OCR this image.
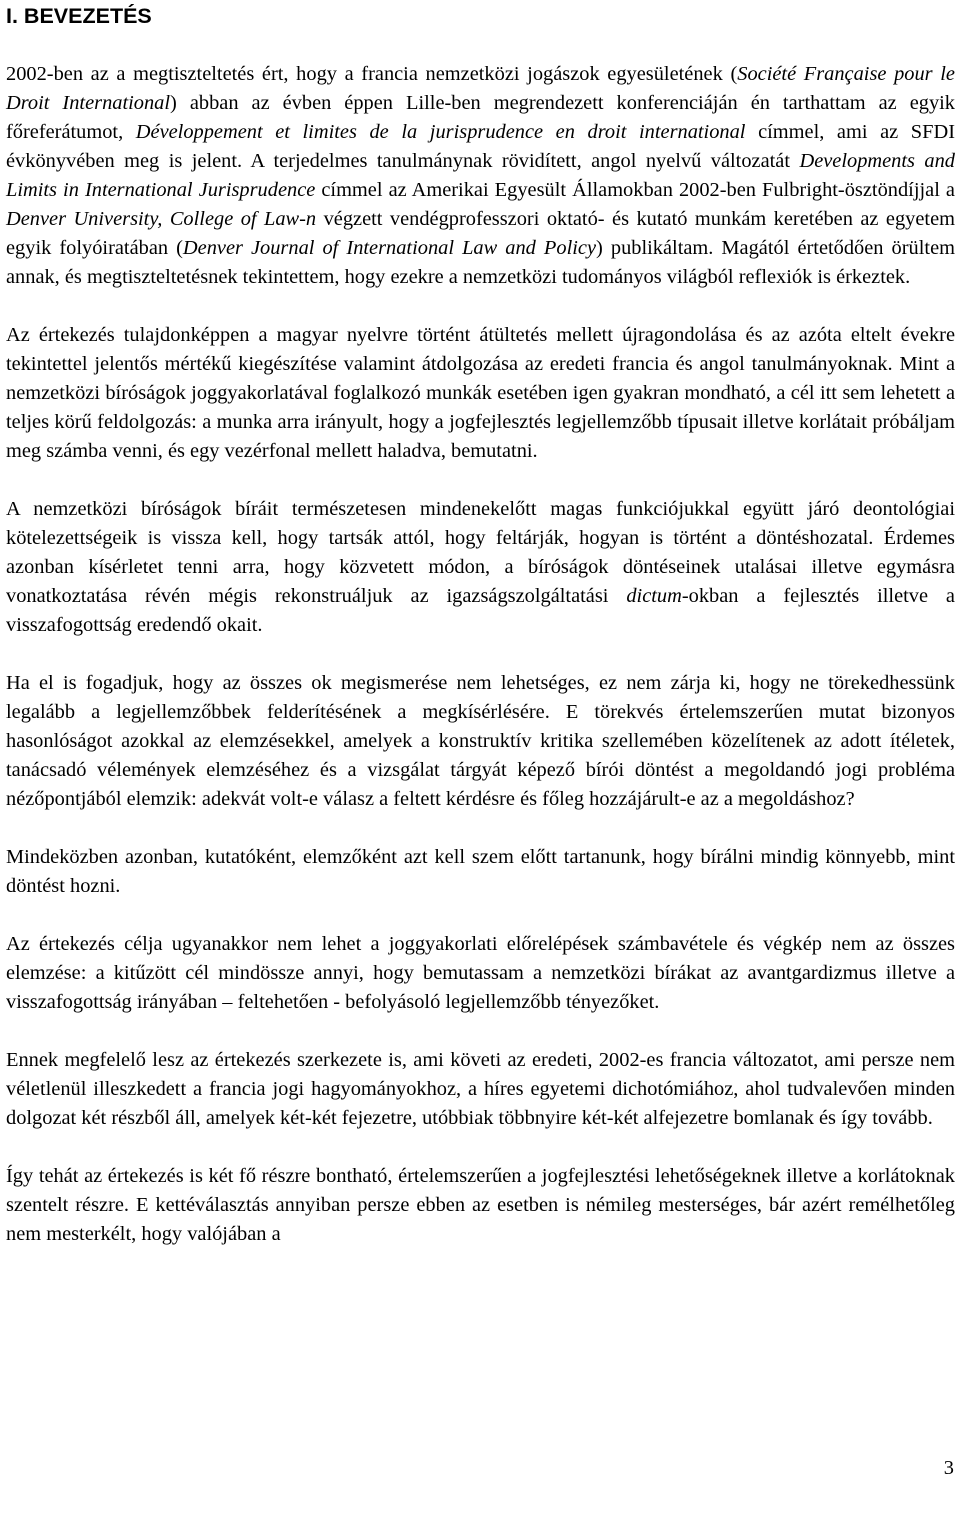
I. BEVEZETÉS

2002-ben az a megtiszteltetés ért, hogy a francia nemzetközi jogászok egyesületének (Société Française pour le Droit International) abban az évben éppen Lille-ben megrendezett konferenciáján én tarthattam az egyik főreferátumot, Développement et limites de la jurisprudence en droit international címmel, ami az SFDI évkönyvében meg is jelent. A terjedelmes tanulmánynak rövidített, angol nyelvű változatát Developments and Limits in International Jurisprudence címmel az Amerikai Egyesült Államokban 2002-ben Fulbright-ösztöndíjjal a Denver University, College of Law-n végzett vendégprofesszori oktató- és kutató munkám keretében az egyetem egyik folyóiratában (Denver Journal of International Law and Policy) publikáltam. Magától értetődően örültem annak, és megtiszteltetésnek tekintettem, hogy ezekre a nemzetközi tudományos világból reflexiók is érkeztek.

Az értekezés tulajdonképpen a magyar nyelvre történt átültetés mellett újragondolása és az azóta eltelt évekre tekintettel jelentős mértékű kiegészítése valamint átdolgozása az eredeti francia és angol tanulmányoknak. Mint a nemzetközi bíróságok joggyakorlatával foglalkozó munkák esetében igen gyakran mondható, a cél itt sem lehetett a teljes körű feldolgozás: a munka arra irányult, hogy a jogfejlesztés legjellemzőbb típusait illetve korlátait próbáljam meg számba venni, és egy vezérfonal mellett haladva, bemutatni.

A nemzetközi bíróságok bíráit természetesen mindenekelőtt magas funkciójukkal együtt járó deontológiai kötelezettségeik is vissza kell, hogy tartsák attól, hogy feltárják, hogyan is történt a döntéshozatal. Érdemes azonban kísérletet tenni arra, hogy közvetett módon, a bíróságok döntéseinek utalásai illetve egymásra vonatkoztatása révén mégis rekonstruáljuk az igazságszolgáltatási dictum-okban a fejlesztés illetve a visszafogottság eredendő okait.

Ha el is fogadjuk, hogy az összes ok megismerése nem lehetséges, ez nem zárja ki, hogy ne törekedhessünk legalább a legjellemzőbbek felderítésének a megkísérlésére. E törekvés értelemszerűen mutat bizonyos hasonlóságot azokkal az elemzésekkel, amelyek a konstruktív kritika szellemében közelítenek az adott ítéletek, tanácsadó vélemények elemzéséhez és a vizsgálat tárgyát képező bírói döntést a megoldandó jogi probléma nézőpontjából elemzik: adekvát volt-e válasz a feltett kérdésre és főleg hozzájárult-e az a megoldáshoz?

Mindeközben azonban, kutatóként, elemzőként azt kell szem előtt tartanunk, hogy bírálni mindig könnyebb, mint döntést hozni.

Az értekezés célja ugyanakkor nem lehet a joggyakorlati előrelépések számbavétele és végkép nem az összes elemzése: a kitűzött cél mindössze annyi, hogy bemutassam a nemzetközi bírákat az avantgardizmus illetve a visszafogottság irányában – feltehetően - befolyásoló legjellemzőbb tényezőket.

Ennek megfelelő lesz az értekezés szerkezete is, ami követi az eredeti, 2002-es francia változatot, ami persze nem véletlenül illeszkedett a francia jogi hagyományokhoz, a híres egyetemi dichotómiához, ahol tudvalevően minden dolgozat két részből áll, amelyek két-két fejezetre, utóbbiak többnyire két-két alfejezetre bomlanak és így tovább.

Így tehát az értekezés is két fő részre bontható, értelemszerűen a jogfejlesztési lehetőségeknek illetve a korlátoknak szentelt részre. E kettéválasztás annyiban persze ebben az esetben is némileg mesterséges, bár azért remélhetőleg nem mesterkélt, hogy valójában a

3
